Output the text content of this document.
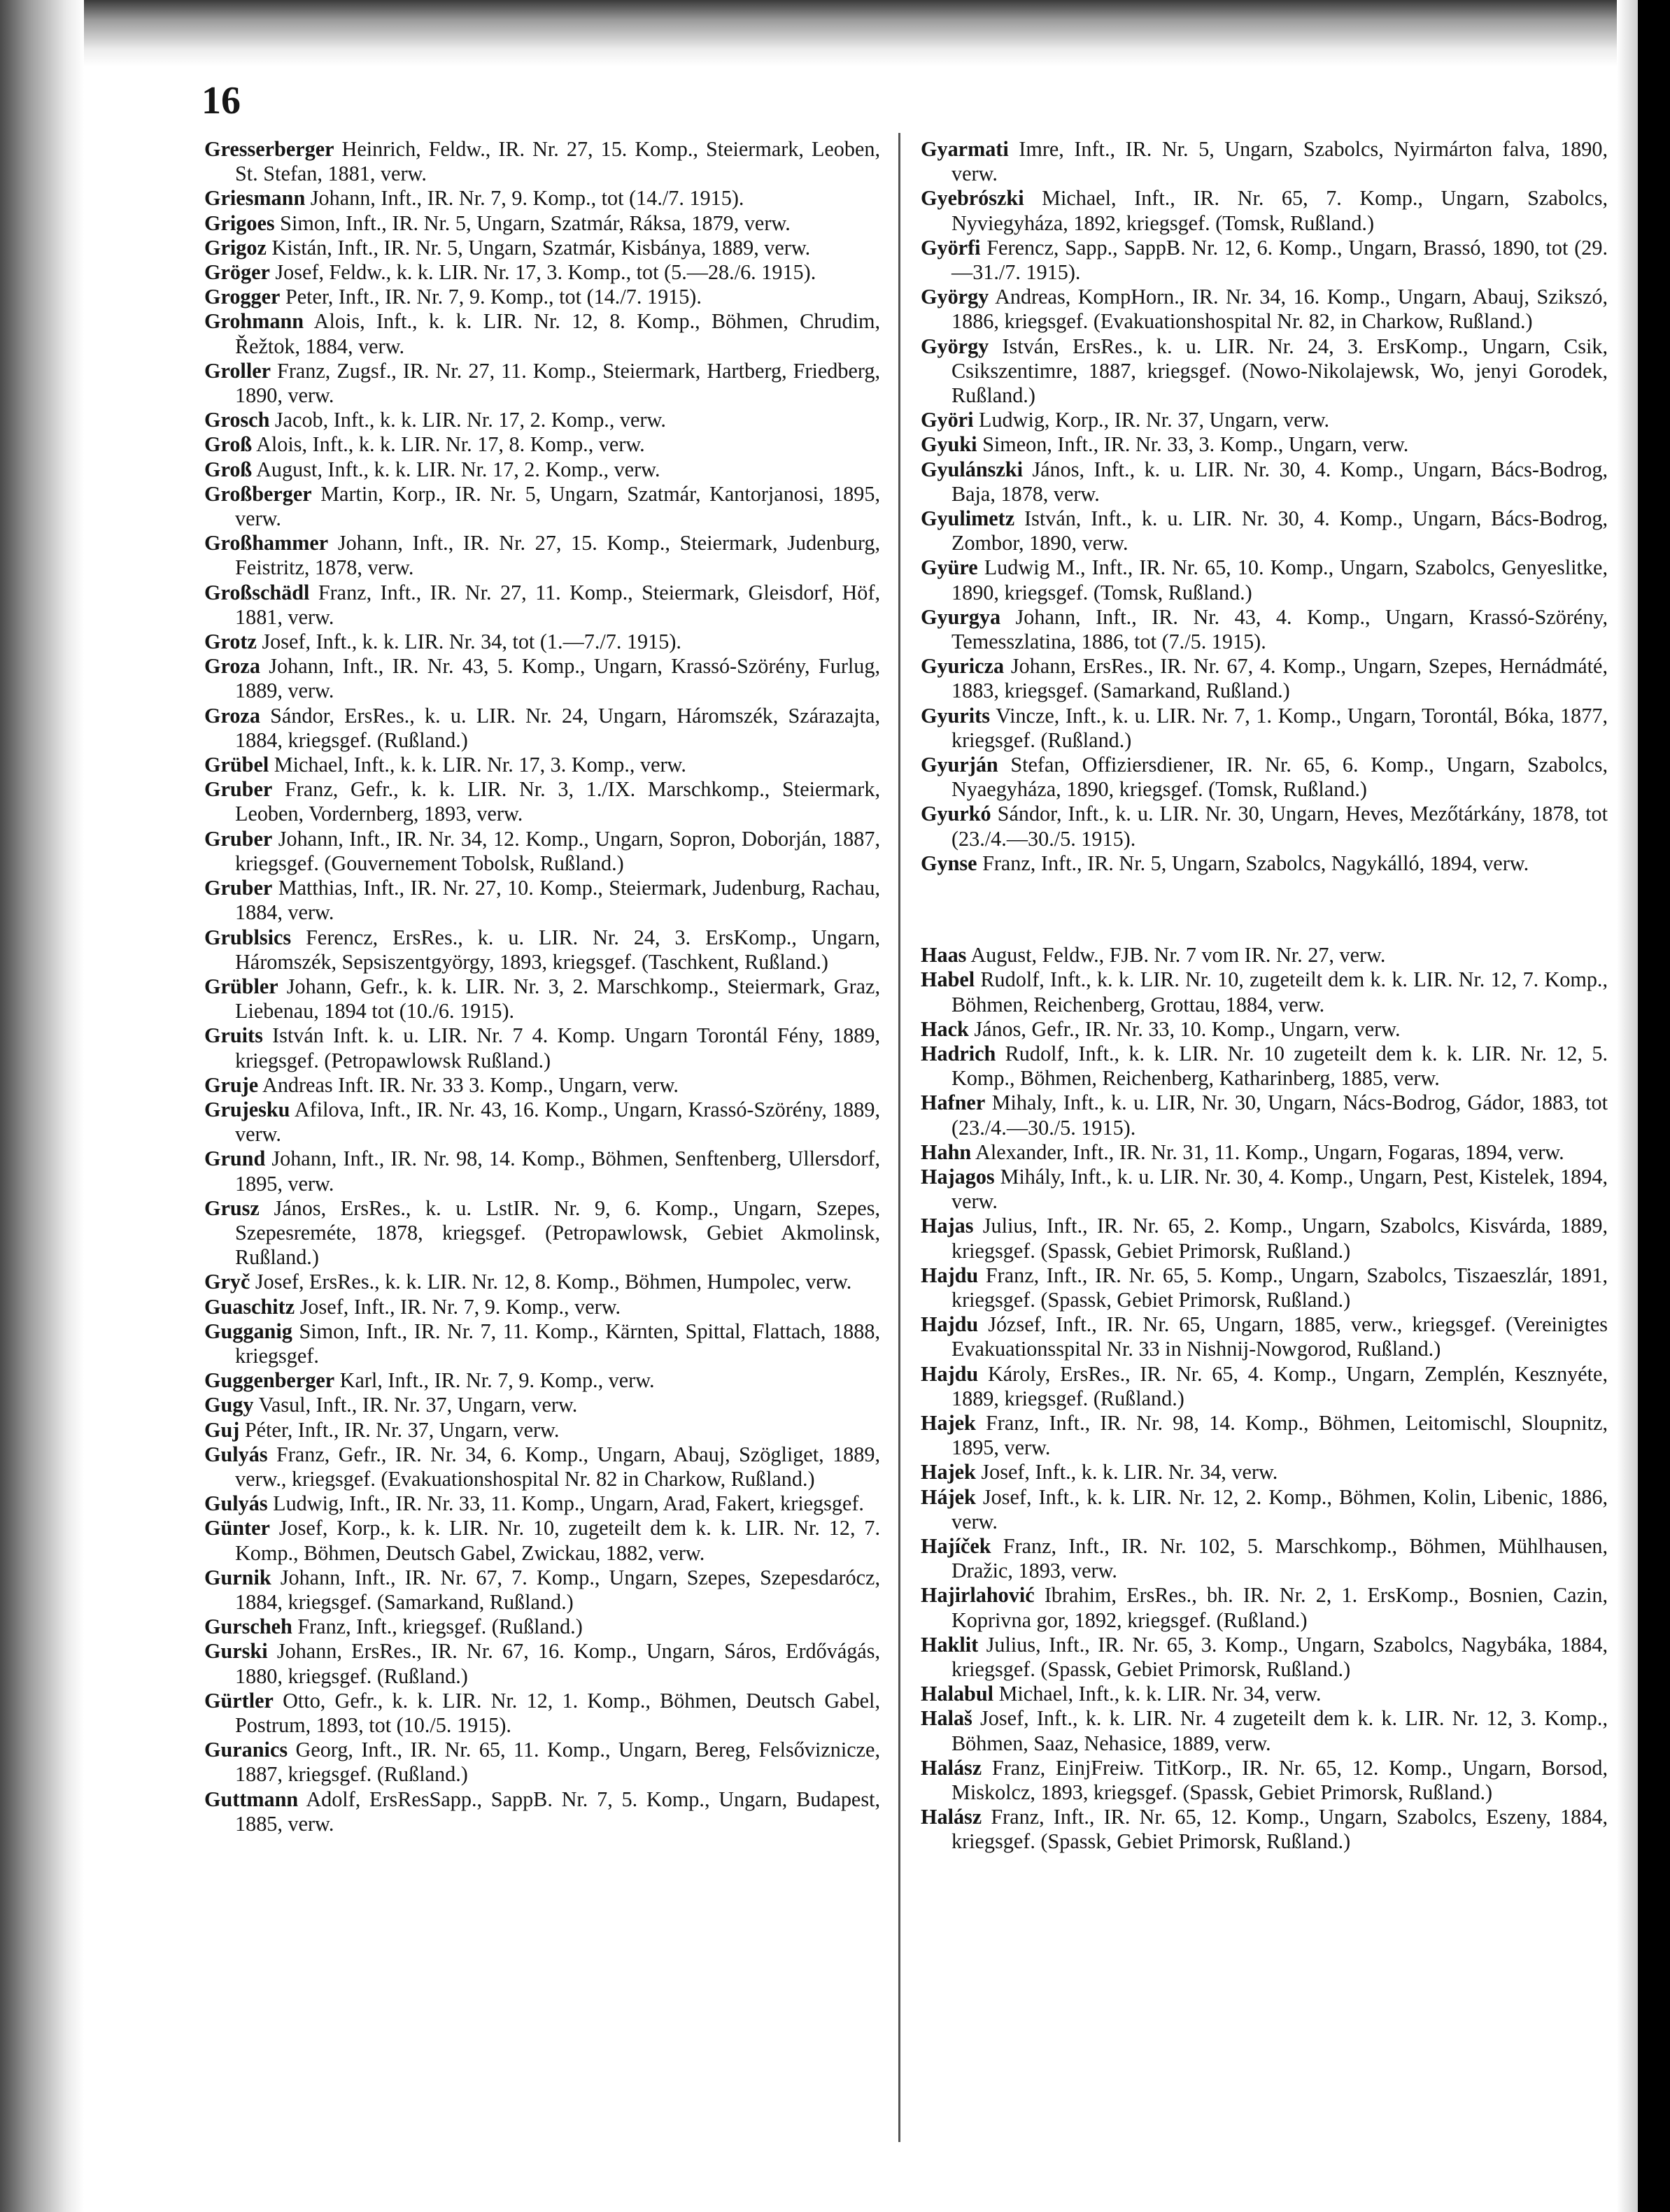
16

Gresserberger Heinrich, Feldw., IR. Nr. 27, 15. Komp., Steiermark, Leoben, St. Stefan, 1881, verw.

Griesmann Johann, Inft., IR. Nr. 7, 9. Komp., tot (14./7. 1915).

Grigoes Simon, Inft., IR. Nr. 5, Ungarn, Szatmár, Ráksa, 1879, verw.

Grigoz Kistán, Inft., IR. Nr. 5, Ungarn, Szatmár, Kisbánya, 1889, verw.

Gröger Josef, Feldw., k. k. LIR. Nr. 17, 3. Komp., tot (5.—28./6. 1915).

Grogger Peter, Inft., IR. Nr. 7, 9. Komp., tot (14./7. 1915).

Grohmann Alois, Inft., k. k. LIR. Nr. 12, 8. Komp., Böhmen, Chrudim, Řežtok, 1884, verw.

Groller Franz, Zugsf., IR. Nr. 27, 11. Komp., Steiermark, Hartberg, Friedberg, 1890, verw.

Grosch Jacob, Inft., k. k. LIR. Nr. 17, 2. Komp., verw.

Groß Alois, Inft., k. k. LIR. Nr. 17, 8. Komp., verw.

Groß August, Inft., k. k. LIR. Nr. 17, 2. Komp., verw.

Großberger Martin, Korp., IR. Nr. 5, Ungarn, Szatmár, Kantorjanosi, 1895, verw.

Großhammer Johann, Inft., IR. Nr. 27, 15. Komp., Steiermark, Judenburg, Feistritz, 1878, verw.

Großschädl Franz, Inft., IR. Nr. 27, 11. Komp., Steiermark, Gleisdorf, Höf, 1881, verw.

Grotz Josef, Inft., k. k. LIR. Nr. 34, tot (1.—7./7. 1915).

Groza Johann, Inft., IR. Nr. 43, 5. Komp., Ungarn, Krassó-Szörény, Furlug, 1889, verw.

Groza Sándor, ErsRes., k. u. LIR. Nr. 24, Ungarn, Háromszék, Szárazajta, 1884, kriegsgef. (Rußland.)

Grübel Michael, Inft., k. k. LIR. Nr. 17, 3. Komp., verw.

Gruber Franz, Gefr., k. k. LIR. Nr. 3, 1./IX. Marschkomp., Steiermark, Leoben, Vordernberg, 1893, verw.

Gruber Johann, Inft., IR. Nr. 34, 12. Komp., Ungarn, Sopron, Doborján, 1887, kriegsgef. (Gouvernement Tobolsk, Rußland.)

Gruber Matthias, Inft., IR. Nr. 27, 10. Komp., Steiermark, Judenburg, Rachau, 1884, verw.

Grublsics Ferencz, ErsRes., k. u. LIR. Nr. 24, 3. ErsKomp., Ungarn, Háromszék, Sepsiszentgyörgy, 1893, kriegsgef. (Taschkent, Rußland.)

Grübler Johann, Gefr., k. k. LIR. Nr. 3, 2. Marschkomp., Steiermark, Graz, Liebenau, 1894 tot (10./6. 1915).

Gruits István Inft. k. u. LIR. Nr. 7 4. Komp. Ungarn Torontál Fény, 1889, kriegsgef. (Petropawlowsk Rußland.)

Gruje Andreas Inft. IR. Nr. 33 3. Komp., Ungarn, verw.

Grujesku Afilova, Inft., IR. Nr. 43, 16. Komp., Ungarn, Krassó-Szörény, 1889, verw.

Grund Johann, Inft., IR. Nr. 98, 14. Komp., Böhmen, Senftenberg, Ullersdorf, 1895, verw.

Grusz János, ErsRes., k. u. LstIR. Nr. 9, 6. Komp., Ungarn, Szepes, Szepesreméte, 1878, kriegsgef. (Petropawlowsk, Gebiet Akmolinsk, Rußland.)

Gryč Josef, ErsRes., k. k. LIR. Nr. 12, 8. Komp., Böhmen, Humpolec, verw.

Guaschitz Josef, Inft., IR. Nr. 7, 9. Komp., verw.

Gugganig Simon, Inft., IR. Nr. 7, 11. Komp., Kärnten, Spittal, Flattach, 1888, kriegsgef.

Guggenberger Karl, Inft., IR. Nr. 7, 9. Komp., verw.

Gugy Vasul, Inft., IR. Nr. 37, Ungarn, verw.

Guj Péter, Inft., IR. Nr. 37, Ungarn, verw.

Gulyás Franz, Gefr., IR. Nr. 34, 6. Komp., Ungarn, Abauj, Szögliget, 1889, verw., kriegsgef. (Evakuationshospital Nr. 82 in Charkow, Rußland.)

Gulyás Ludwig, Inft., IR. Nr. 33, 11. Komp., Ungarn, Arad, Fakert, kriegsgef.

Günter Josef, Korp., k. k. LIR. Nr. 10, zugeteilt dem k. k. LIR. Nr. 12, 7. Komp., Böhmen, Deutsch Gabel, Zwickau, 1882, verw.

Gurnik Johann, Inft., IR. Nr. 67, 7. Komp., Ungarn, Szepes, Szepesdarócz, 1884, kriegsgef. (Samarkand, Rußland.)

Gurscheh Franz, Inft., kriegsgef. (Rußland.)

Gurski Johann, ErsRes., IR. Nr. 67, 16. Komp., Ungarn, Sáros, Erdővágás, 1880, kriegsgef. (Rußland.)

Gürtler Otto, Gefr., k. k. LIR. Nr. 12, 1. Komp., Böhmen, Deutsch Gabel, Postrum, 1893, tot (10./5. 1915).

Guranics Georg, Inft., IR. Nr. 65, 11. Komp., Ungarn, Bereg, Felsőviznicze, 1887, kriegsgef. (Rußland.)

Guttmann Adolf, ErsResSapp., SappB. Nr. 7, 5. Komp., Ungarn, Budapest, 1885, verw.

Gyarmati Imre, Inft., IR. Nr. 5, Ungarn, Szabolcs, Nyirmárton falva, 1890, verw.

Gyebrószki Michael, Inft., IR. Nr. 65, 7. Komp., Ungarn, Szabolcs, Nyviegyháza, 1892, kriegsgef. (Tomsk, Rußland.)

Györfi Ferencz, Sapp., SappB. Nr. 12, 6. Komp., Ungarn, Brassó, 1890, tot (29.—31./7. 1915).

György Andreas, KompHorn., IR. Nr. 34, 16. Komp., Ungarn, Abauj, Szikszó, 1886, kriegsgef. (Evakuationshospital Nr. 82, in Charkow, Rußland.)

György István, ErsRes., k. u. LIR. Nr. 24, 3. ErsKomp., Ungarn, Csik, Csikszentimre, 1887, kriegsgef. (Nowo-Nikolajewsk, Wo, jenyi Gorodek, Rußland.)

Györi Ludwig, Korp., IR. Nr. 37, Ungarn, verw.

Gyuki Simeon, Inft., IR. Nr. 33, 3. Komp., Ungarn, verw.

Gyulánszki János, Inft., k. u. LIR. Nr. 30, 4. Komp., Ungarn, Bács-Bodrog, Baja, 1878, verw.

Gyulimetz István, Inft., k. u. LIR. Nr. 30, 4. Komp., Ungarn, Bács-Bodrog, Zombor, 1890, verw.

Gyüre Ludwig M., Inft., IR. Nr. 65, 10. Komp., Ungarn, Szabolcs, Genyeslitke, 1890, kriegsgef. (Tomsk, Rußland.)

Gyurgya Johann, Inft., IR. Nr. 43, 4. Komp., Ungarn, Krassó-Szörény, Temesszlatina, 1886, tot (7./5. 1915).

Gyuricza Johann, ErsRes., IR. Nr. 67, 4. Komp., Ungarn, Szepes, Hernádmáté, 1883, kriegsgef. (Samarkand, Rußland.)

Gyurits Vincze, Inft., k. u. LIR. Nr. 7, 1. Komp., Ungarn, Torontál, Bóka, 1877, kriegsgef. (Rußland.)

Gyurján Stefan, Offiziersdiener, IR. Nr. 65, 6. Komp., Ungarn, Szabolcs, Nyaegyháza, 1890, kriegsgef. (Tomsk, Rußland.)

Gyurkó Sándor, Inft., k. u. LIR. Nr. 30, Ungarn, Heves, Mezőtárkány, 1878, tot (23./4.—30./5. 1915).

Gynse Franz, Inft., IR. Nr. 5, Ungarn, Szabolcs, Nagykálló, 1894, verw.

Haas August, Feldw., FJB. Nr. 7 vom IR. Nr. 27, verw.

Habel Rudolf, Inft., k. k. LIR. Nr. 10, zugeteilt dem k. k. LIR. Nr. 12, 7. Komp., Böhmen, Reichenberg, Grottau, 1884, verw.

Hack János, Gefr., IR. Nr. 33, 10. Komp., Ungarn, verw.

Hadrich Rudolf, Inft., k. k. LIR. Nr. 10 zugeteilt dem k. k. LIR. Nr. 12, 5. Komp., Böhmen, Reichenberg, Katharinberg, 1885, verw.

Hafner Mihaly, Inft., k. u. LIR, Nr. 30, Ungarn, Nács-Bodrog, Gádor, 1883, tot (23./4.—30./5. 1915).

Hahn Alexander, Inft., IR. Nr. 31, 11. Komp., Ungarn, Fogaras, 1894, verw.

Hajagos Mihály, Inft., k. u. LIR. Nr. 30, 4. Komp., Ungarn, Pest, Kistelek, 1894, verw.

Hajas Julius, Inft., IR. Nr. 65, 2. Komp., Ungarn, Szabolcs, Kisvárda, 1889, kriegsgef. (Spassk, Gebiet Primorsk, Rußland.)

Hajdu Franz, Inft., IR. Nr. 65, 5. Komp., Ungarn, Szabolcs, Tiszaeszlár, 1891, kriegsgef. (Spassk, Gebiet Primorsk, Rußland.)

Hajdu József, Inft., IR. Nr. 65, Ungarn, 1885, verw., kriegsgef. (Vereinigtes Evakuationsspital Nr. 33 in Nishnij-Nowgorod, Rußland.)

Hajdu Károly, ErsRes., IR. Nr. 65, 4. Komp., Ungarn, Zemplén, Kesznyéte, 1889, kriegsgef. (Rußland.)

Hajek Franz, Inft., IR. Nr. 98, 14. Komp., Böhmen, Leitomischl, Sloupnitz, 1895, verw.

Hajek Josef, Inft., k. k. LIR. Nr. 34, verw.

Hájek Josef, Inft., k. k. LIR. Nr. 12, 2. Komp., Böhmen, Kolin, Libenic, 1886, verw.

Hajíček Franz, Inft., IR. Nr. 102, 5. Marschkomp., Böhmen, Mühlhausen, Dražic, 1893, verw.

Hajirlahović Ibrahim, ErsRes., bh. IR. Nr. 2, 1. ErsKomp., Bosnien, Cazin, Koprivna gor, 1892, kriegsgef. (Rußland.)

Haklit Julius, Inft., IR. Nr. 65, 3. Komp., Ungarn, Szabolcs, Nagybáka, 1884, kriegsgef. (Spassk, Gebiet Primorsk, Rußland.)

Halabul Michael, Inft., k. k. LIR. Nr. 34, verw.

Halaš Josef, Inft., k. k. LIR. Nr. 4 zugeteilt dem k. k. LIR. Nr. 12, 3. Komp., Böhmen, Saaz, Nehasice, 1889, verw.

Halász Franz, EinjFreiw. TitKorp., IR. Nr. 65, 12. Komp., Ungarn, Borsod, Miskolcz, 1893, kriegsgef. (Spassk, Gebiet Primorsk, Rußland.)

Halász Franz, Inft., IR. Nr. 65, 12. Komp., Ungarn, Szabolcs, Eszeny, 1884, kriegsgef. (Spassk, Gebiet Primorsk, Rußland.)
